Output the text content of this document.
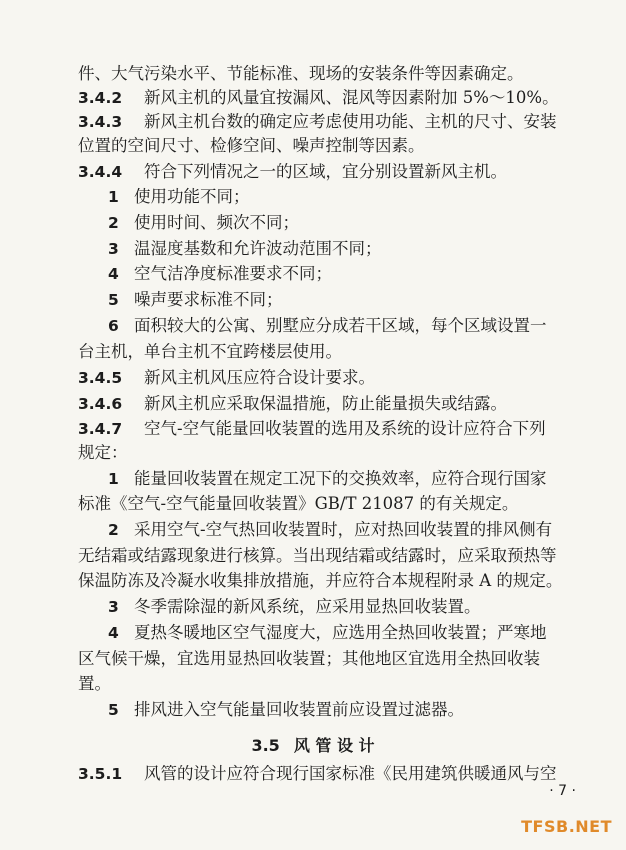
件、大气污染水平、节能标准、现场的安装条件等因素确定。
3.4.2 新风主机的风量宜按漏风、混风等因素附加 5%～10%。
3.4.3 新风主机台数的确定应考虑使用功能、主机的尺寸、安装
位置的空间尺寸、检修空间、噪声控制等因素。
3.4.4 符合下列情况之一的区域，宜分别设置新风主机。
1 使用功能不同；
2 使用时间、频次不同；
3 温湿度基数和允许波动范围不同；
4 空气洁净度标准要求不同；
5 噪声要求标准不同；
6 面积较大的公寓、别墅应分成若干区域，每个区域设置一
台主机，单台主机不宜跨楼层使用。
3.4.5 新风主机风压应符合设计要求。
3.4.6 新风主机应采取保温措施，防止能量损失或结露。
3.4.7 空气-空气能量回收装置的选用及系统的设计应符合下列
规定：
1 能量回收装置在规定工况下的交换效率，应符合现行国家
标准《空气-空气能量回收装置》GB/T 21087 的有关规定。
2 采用空气-空气热回收装置时，应对热回收装置的排风侧有
无结霜或结露现象进行核算。当出现结霜或结露时，应采取预热等
保温防冻及冷凝水收集排放措施，并应符合本规程附录 A 的规定。
3 冬季需除湿的新风系统，应采用显热回收装置。
4 夏热冬暖地区空气湿度大，应选用全热回收装置；严寒地
区气候干燥，宜选用显热回收装置；其他地区宜选用全热回收装
置。
5 排风进入空气能量回收装置前应设置过滤器。
3.5 风 管 设 计
3.5.1 风管的设计应符合现行国家标准《民用建筑供暖通风与空
· 7 ·
TFSB.NET
